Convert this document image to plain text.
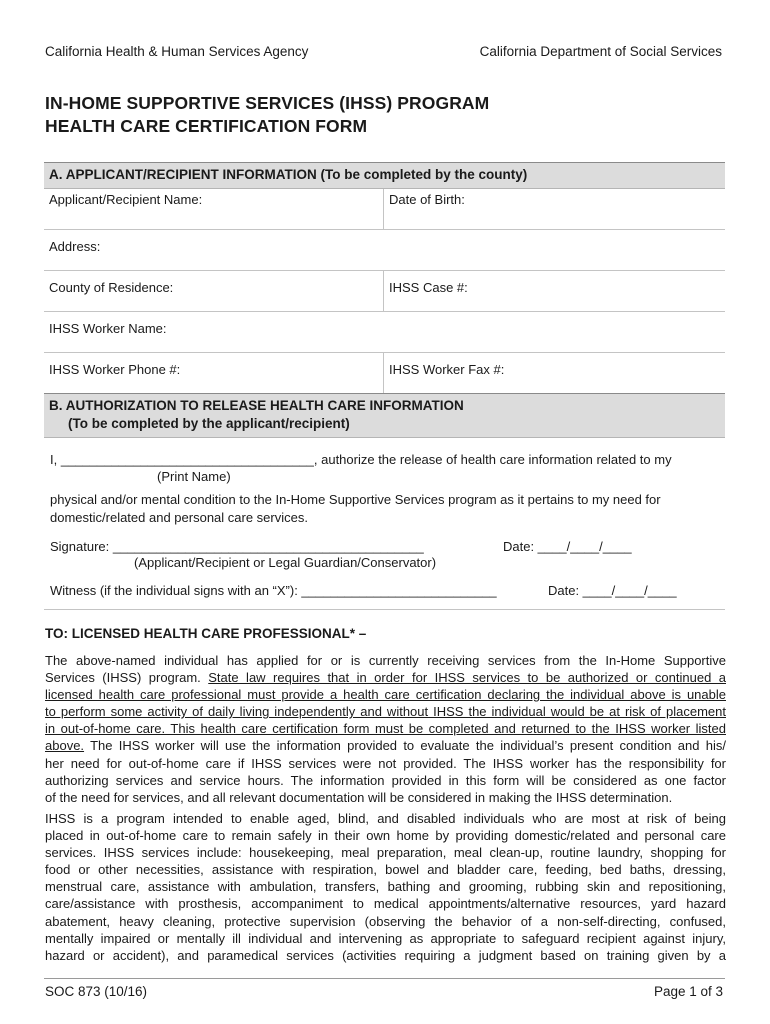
California Health & Human Services Agency	California Department of Social Services
IN-HOME SUPPORTIVE SERVICES (IHSS) PROGRAM
HEALTH CARE CERTIFICATION FORM
A. APPLICANT/RECIPIENT INFORMATION (To be completed by the county)
Applicant/Recipient Name:	Date of Birth:
Address:
County of Residence:	IHSS Case #:
IHSS Worker Name:
IHSS Worker Phone #:	IHSS Worker Fax #:
B. AUTHORIZATION TO RELEASE HEALTH CARE INFORMATION
(To be completed by the applicant/recipient)
I, ___________________________________, authorize the release of health care information related to my
(Print Name)
physical and/or mental condition to the In-Home Supportive Services program as it pertains to my need for domestic/related and personal care services.
Signature: ___________________________________________	Date: ____/____/____
(Applicant/Recipient or Legal Guardian/Conservator)
Witness (if the individual signs with an “X”): ___________________________	Date: ____/____/____
TO: LICENSED HEALTH CARE PROFESSIONAL* –
The above-named individual has applied for or is currently receiving services from the In-Home Supportive
Services (IHSS) program. State law requires that in order for IHSS services to be authorized or continued a
licensed health care professional must provide a health care certification declaring the individual above is unable
to perform some activity of daily living independently and without IHSS the individual would be at risk of placement
in out-of-home care. This health care certification form must be completed and returned to the IHSS worker listed
above. The IHSS worker will use the information provided to evaluate the individual’s present condition and his/
her need for out-of-home care if IHSS services were not provided. The IHSS worker has the responsibility for
authorizing services and service hours. The information provided in this form will be considered as one factor
of the need for services, and all relevant documentation will be considered in making the IHSS determination.
IHSS is a program intended to enable aged, blind, and disabled individuals who are most at risk of being
placed in out-of-home care to remain safely in their own home by providing domestic/related and personal care
services. IHSS services include: housekeeping, meal preparation, meal clean-up, routine laundry, shopping for
food or other necessities, assistance with respiration, bowel and bladder care, feeding, bed baths, dressing,
menstrual care, assistance with ambulation, transfers, bathing and grooming, rubbing skin and repositioning,
care/assistance with prosthesis, accompaniment to medical appointments/alternative resources, yard hazard
abatement, heavy cleaning, protective supervision (observing the behavior of a non-self-directing, confused,
mentally impaired or mentally ill individual and intervening as appropriate to safeguard recipient against injury,
hazard or accident), and paramedical services (activities requiring a judgment based on training given by a
SOC 873 (10/16)	Page 1 of 3
